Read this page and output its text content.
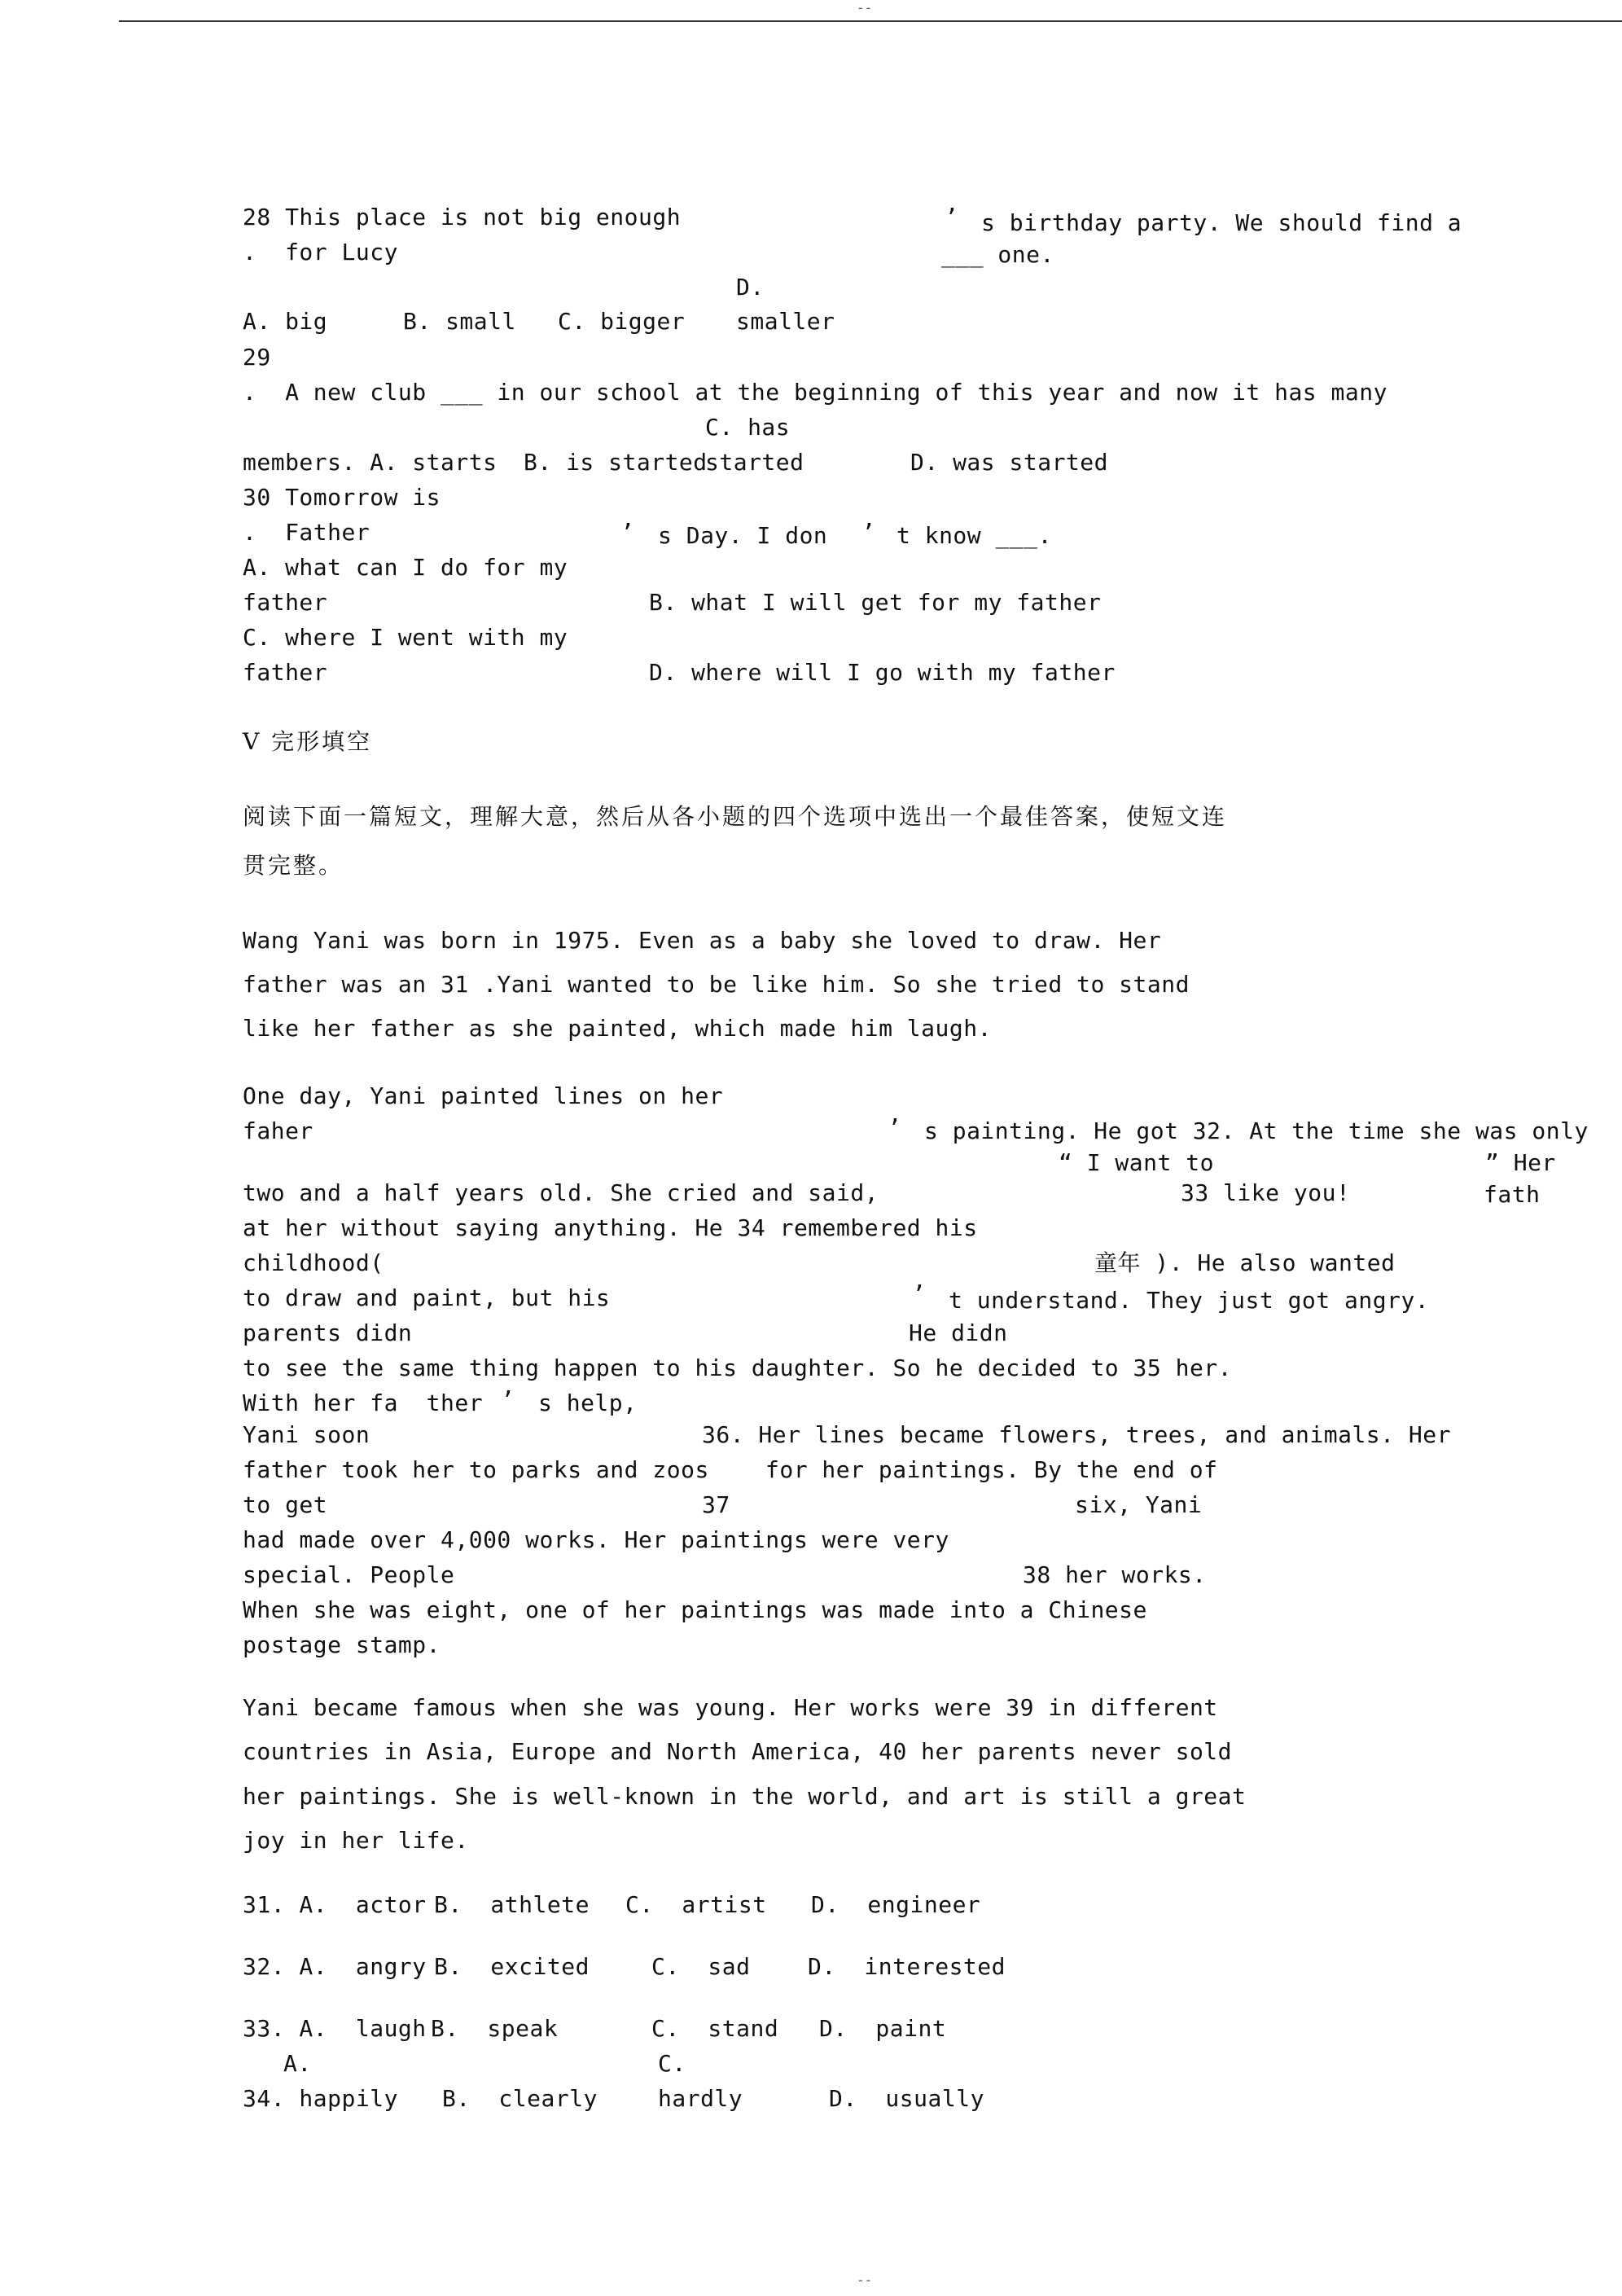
--
28 This place is not big enough	’ s birthday party. We should find a
.  for Lucy	___ one.
D.
A. big	B. small C. bigger smaller
29
.  A new club ___ in our school at the beginning of this year and now it has many
C. has
members. A. starts B. is started
started	D. was started
30 Tomorrow is
.  Father	’ s Day. I don ’ t know ___.
A. what can I do for my
father	B. what I will get for my father
C. where I went with my
father	D. where will I go with my father
V 完形填空
阅读下面一篇短文，理解大意，然后从各小题的四个选项中选出一个最佳答案，使短文连
贯完整。
Wang Yani was born in 1975. Even as a baby she loved to draw. Her
father was an 31 .Yani wanted to be like him. So she tried to stand
like her father as she painted, which made him laugh.
One day, Yani painted lines on her
faher	’ s painting. He got 32. At the time she was only
“ I want to	” Her
two and a half years old. She cried and said,	33 like you!	fath
at her without saying anything. He 34 remembered his
childhood(	童年 ). He also wanted
to draw and paint, but his	’ t understand. They just got angry.
parents didn	He didn
to see the same thing happen to his daughter. So he decided to 35 her.
With her fa  ther ’ s help,
Yani soon	36. Her lines became flowers, trees, and animals. Her
father took her to parks and zoos for her paintings. By the end of
to get	37	six, Yani
had made over 4,000 works. Her paintings were very
special. People	38 her works.
When she was eight, one of her paintings was made into a Chinese
postage stamp.
Yani became famous when she was young. Her works were 39 in different
countries in Asia, Europe and North America, 40 her parents never sold
her paintings. She is well-known in the world, and art is still a great
joy in her life.
31. A.  actor B.  athlete C.  artist D.  engineer
32. A.  angry B.  excited	C.  sad	D.  interested
33. A.  laugh B.  speak	C.  stand D.  paint
A.	C.
34. happily B.  clearly	hardly	D.  usually
--
